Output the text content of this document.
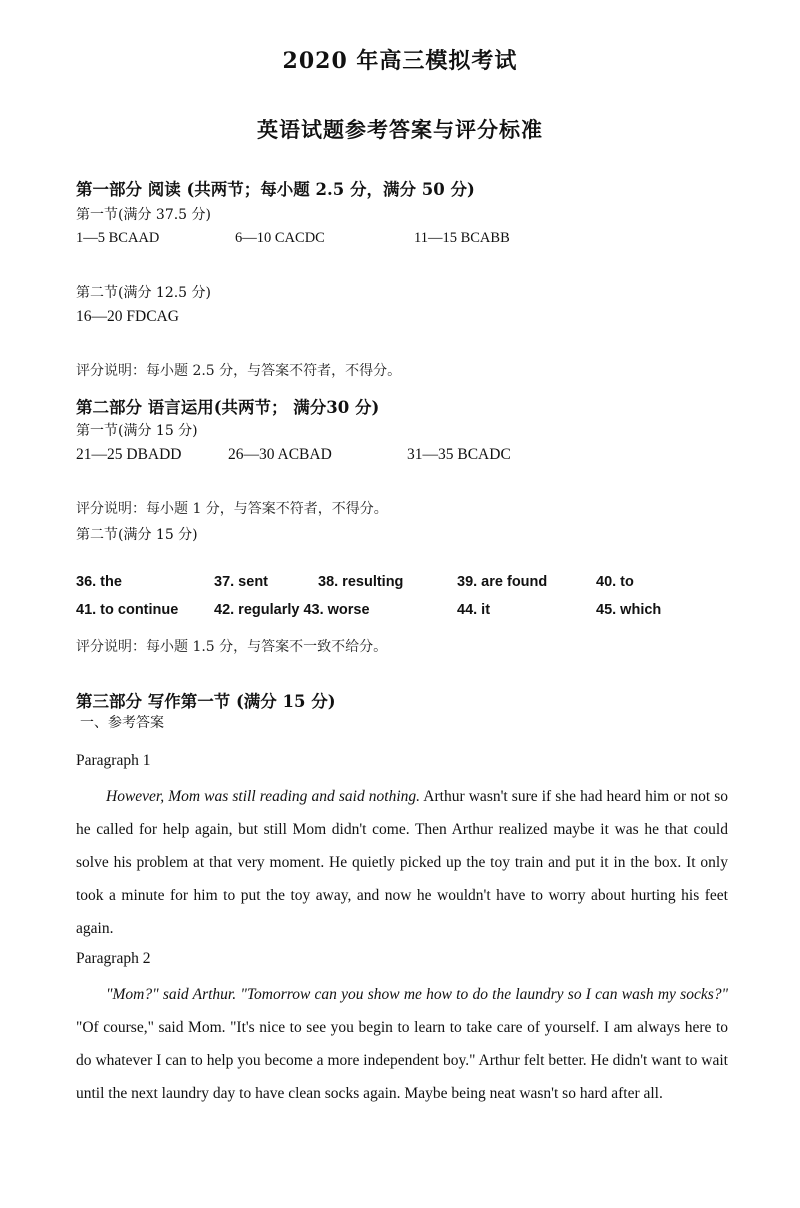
2020 年高三模拟考试
英语试题参考答案与评分标准
第一部分 阅读 (共两节；每小题 2.5 分，满分 50 分)
第一节(满分 37.5 分)
1—5 BCAAD	6—10 CACDC	11—15 BCABB
第二节(满分 12.5 分)
16—20 FDCAG
评分说明：每小题 2.5 分，与答案不符者，不得分。
第二部分 语言运用(共两节； 满分30 分)
第一节(满分 15 分)
21—25 DBADD	26—30 ACBAD	31—35 BCADC
评分说明：每小题 1 分，与答案不符者，不得分。
第二节(满分 15 分)
36. the	37. sent	38. resulting	39. are found	40. to
41. to continue 42. regularly 43. worse	44. it	45. which
评分说明：每小题 1.5 分，与答案不一致不给分。
第三部分 写作第一节 (满分 15 分)
一、参考答案
Paragraph 1

However, Mom was still reading and said nothing. Arthur wasn't sure if she had heard him or not so he called for help again, but still Mom didn't come. Then Arthur realized maybe it was he that could solve his problem at that very moment. He quietly picked up the toy train and put it in the box. It only took a minute for him to put the toy away, and now he wouldn't have to worry about hurting his feet again.

Paragraph 2

"Mom?" said Arthur. "Tomorrow can you show me how to do the laundry so I can wash my socks?" "Of course," said Mom. "It's nice to see you begin to learn to take care of yourself. I am always here to do whatever I can to help you become a more independent boy." Arthur felt better. He didn't want to wait until the next laundry day to have clean socks again. Maybe being neat wasn't so hard after all.
